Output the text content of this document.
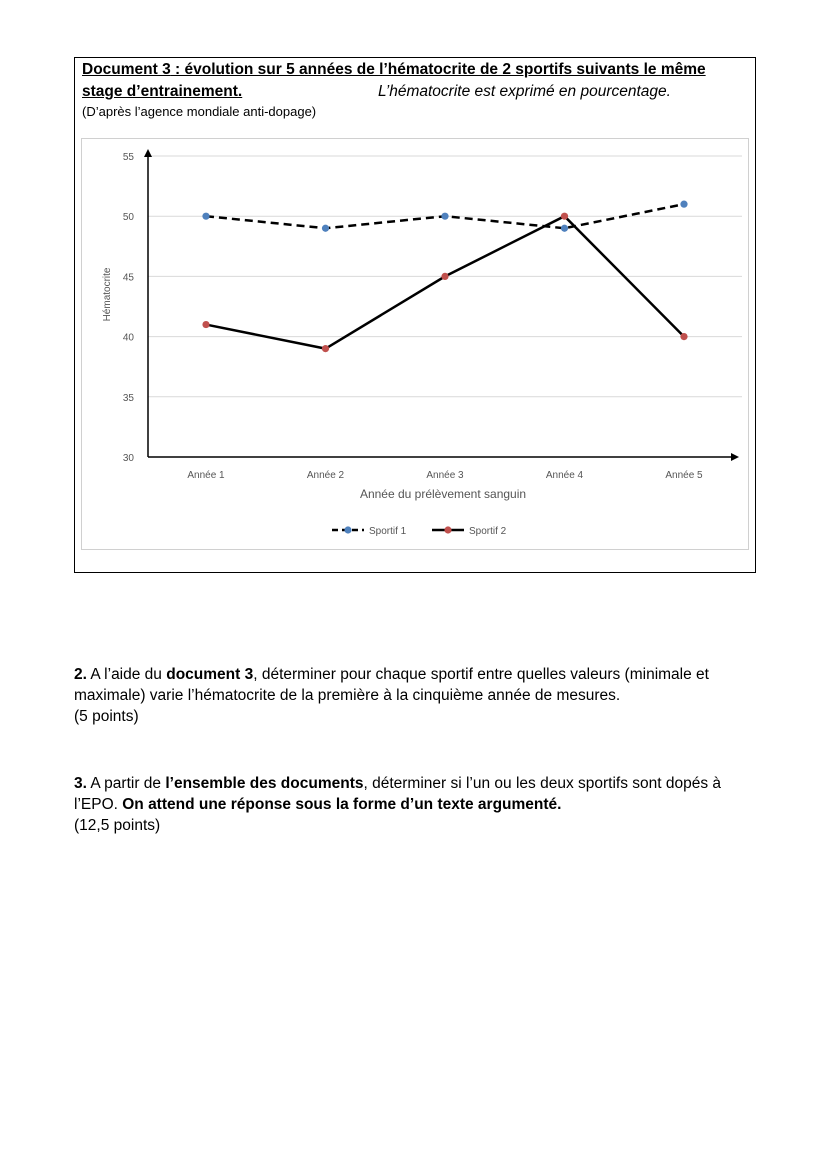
Document 3 : évolution sur 5 années de l’hématocrite de 2 sportifs suivants le même
stage d’entrainement.	L’hématocrite est exprimé en pourcentage.
(D’après l’agence mondiale anti-dopage)
30
35
40
45
50
55
Année 1	Année 2	Année 3	Année 4	Année 5
Année du prélèvement sanguin
Hématocrite
Sportif 1	Sportif 2
2. A l’aide du document 3, déterminer pour chaque sportif entre quelles valeurs (minimale et maximale) varie l’hématocrite de la première à la cinquième année de mesures.
(5 points)
3. A partir de l’ensemble des documents, déterminer si l’un ou les deux sportifs sont dopés à l’EPO. On attend une réponse sous la forme d’un texte argumenté.
(12,5 points)
